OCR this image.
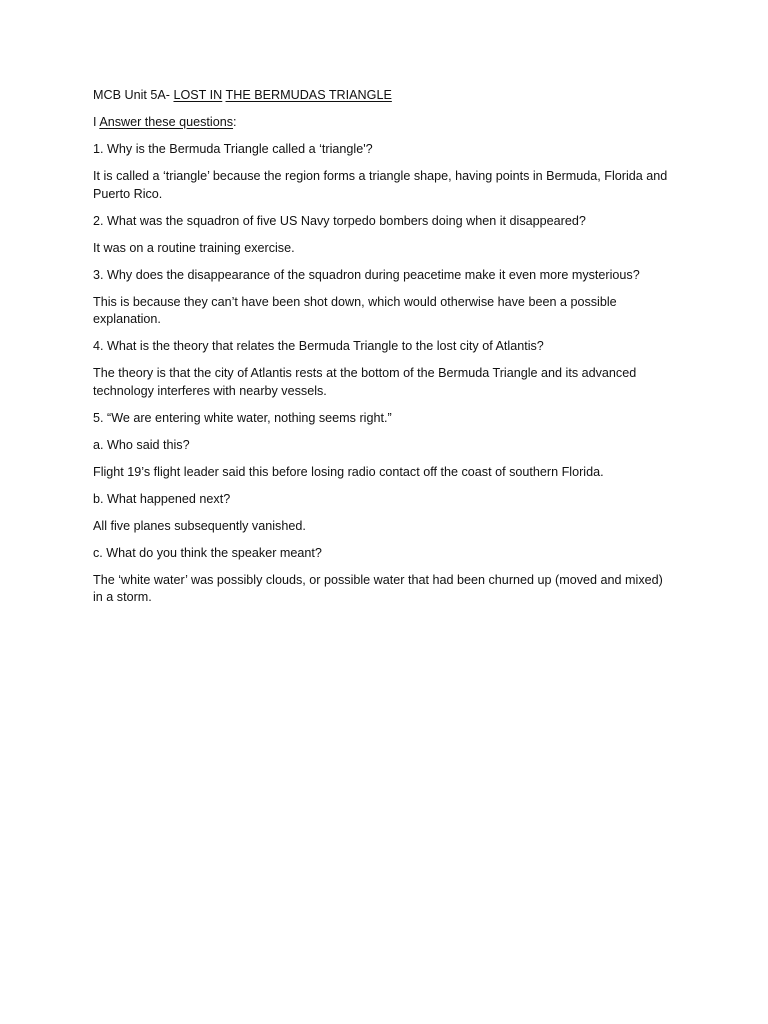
MCB Unit 5A- LOST IN THE BERMUDAS TRIANGLE

I Answer these questions:

1. Why is the Bermuda Triangle called a ‘triangle'?

It is called a ‘triangle’ because the region forms a triangle shape, having points in Bermuda, Florida and Puerto Rico.

2. What was the squadron of five US Navy torpedo bombers doing when it disappeared?

It was on a routine training exercise.

3. Why does the disappearance of the squadron during peacetime make it even more mysterious?

This is because they can’t have been shot down, which would otherwise have been a possible explanation.

4. What is the theory that relates the Bermuda Triangle to the lost city of Atlantis?

The theory is that the city of Atlantis rests at the bottom of the Bermuda Triangle and its advanced technology interferes with nearby vessels.

5. “We are entering white water, nothing seems right.”

a. Who said this?

Flight 19’s flight leader said this before losing radio contact off the coast of southern Florida.

b. What happened next?

All five planes subsequently vanished.

c. What do you think the speaker meant?

The ‘white water’ was possibly clouds, or possible water that had been churned up (moved and mixed) in a storm.
